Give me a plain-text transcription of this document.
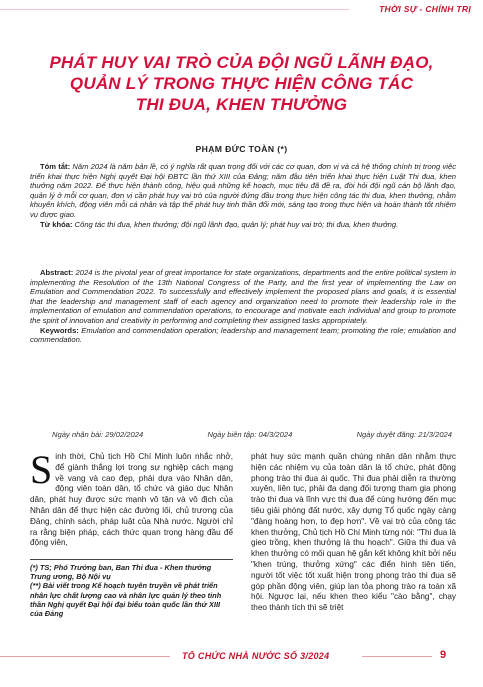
THỜI SỰ - CHÍNH TRỊ
PHÁT HUY VAI TRÒ CỦA ĐỘI NGŨ LÃNH ĐẠO,
QUẢN LÝ TRONG THỰC HIỆN CÔNG TÁC
THI ĐUA, KHEN THƯỞNG
PHẠM ĐỨC TOÀN (*)

Tóm tắt: Năm 2024 là năm bản lề, có ý nghĩa rất quan trọng đối với các cơ quan, đơn vị và cả hệ thống chính trị trong việc triển khai thực hiện Nghị quyết Đại hội ĐBTC lần thứ XIII của Đảng; năm đầu tiên triển khai thực hiện Luật Thi đua, khen thưởng năm 2022. Để thực hiện thành công, hiệu quả những kế hoạch, mục tiêu đã đề ra, đòi hỏi đội ngũ cán bộ lãnh đạo, quản lý ở mỗi cơ quan, đơn vị cần phát huy vai trò của người đứng đầu trong thực hiện công tác thi đua, khen thưởng, nhằm khuyến khích, động viên mỗi cá nhân và tập thể phát huy tinh thần đổi mới, sáng tạo trong thực hiện và hoàn thành tốt nhiệm vụ được giao.

Từ khóa: Công tác thi đua, khen thưởng; đội ngũ lãnh đạo, quản lý; phát huy vai trò; thi đua, khen thưởng.

Abstract: 2024 is the pivotal year of great importance for state organizations, departments and the entire political system in implementing the Resolution of the 13th National Congress of the Party, and the first year of implementing the Law on Emulation and Commendation 2022. To successfully and effectively implement the proposed plans and goals, it is essential that the leadership and management staff of each agency and organization need to promote their leadership role in the implementation of emulation and commendation operations, to encourage and motivate each individual and group to promote the spirit of innovation and creativity in performing and completing their assigned tasks appropriately.

Keywords: Emulation and commendation operation; leadership and management team; promoting the role; emulation and commendation.

Ngày nhận bài: 29/02/2024	Ngày biên tập: 04/3/2024	Ngày duyệt đăng: 21/3/2024
Sinh thời, Chủ tịch Hồ Chí Minh luôn nhắc nhở, để giành thắng lợi trong sự nghiệp cách mạng về vang và cao đẹp, phải dựa vào Nhân dân, động viên toàn dân, tổ chức và giáo dục Nhân dân, phát huy được sức mạnh vô tận và vô địch của Nhân dân để thực hiện các đường lối, chủ trương của Đảng, chính sách, pháp luật của Nhà nước. Người chỉ ra rằng biện pháp, cách thức quan trọng hàng đầu để động viên,
(*) TS; Phó Trưởng ban, Ban Thi đua - Khen thưởng Trung ương, Bộ Nội vụ
(**) Bài viết trong Kế hoạch tuyên truyền về phát triển nhân lực chất lượng cao và nhân lực quản lý theo tinh thần Nghị quyết Đại hội đại biểu toàn quốc lần thứ XIII của Đảng
phát huy sức mạnh quần chúng nhân dân nhằm thực hiện các nhiệm vụ của toàn dân là tổ chức, phát động phong trào thi đua ái quốc. Thi đua phải diễn ra thường xuyên, liên tục, phải đa dạng đối tượng tham gia phong trào thi đua và lĩnh vực thi đua để cùng hướng đến mục tiêu giải phóng đất nước, xây dựng Tổ quốc ngày càng "đàng hoàng hơn, to đẹp hơn". Về vai trò của công tác khen thưởng, Chủ tịch Hồ Chí Minh từng nói: "Thi đua là gieo trồng, khen thưởng là thu hoạch". Giữa thi đua và khen thưởng có mối quan hệ gắn kết không khít bởi nếu "khen trúng, thưởng xứng" các điển hình tiên tiến, người tốt việc tốt xuất hiện trong phong trào thi đua sẽ góp phần động viên, giúp lan tỏa phong trào ra toàn xã hội. Ngược lại, nếu khen theo kiểu "cào bằng", chạy theo thành tích thì sẽ triệt
TỔ CHỨC NHÀ NƯỚC SỐ 3/2024	9
